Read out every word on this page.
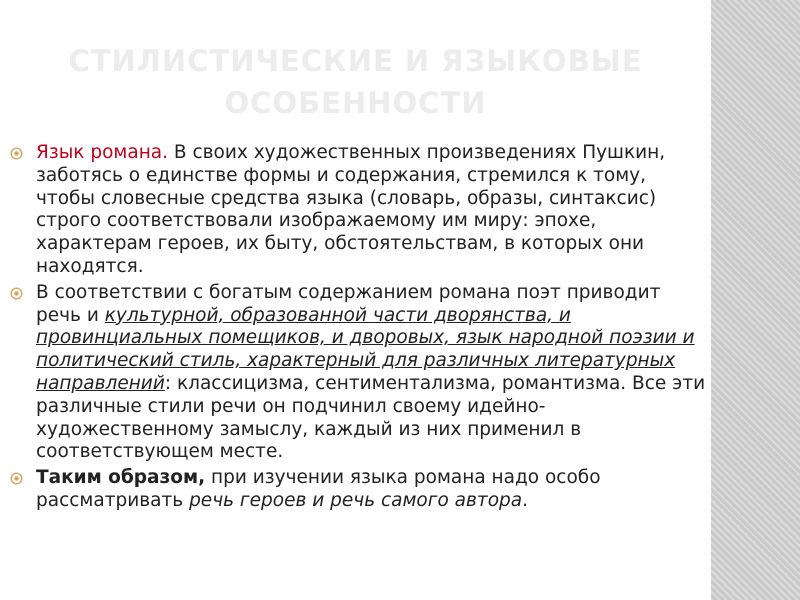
СТИЛИСТИЧЕСКИЕ И ЯЗЫКОВЫЕ
ОСОБЕННОСТИ
Язык романа. В своих художественных произведениях Пушкин, заботясь о единстве формы и содержания, стремился к тому, чтобы словесные средства языка (словарь, образы, синтаксис) строго соответствовали изображаемому им миру: эпохе, характерам героев, их быту, обстоятельствам, в которых они находятся.
В соответствии с богатым содержанием романа поэт приводит речь и культурной, образованной части дворянства, и провинциальных помещиков, и дворовых, язык народной поэзии и политический стиль, характерный для различных литературных направлений: классицизма, сентиментализма, романтизма. Все эти различные стили речи он подчинил своему идейно-художественному замыслу, каждый из них применил в соответствующем месте.
Таким образом, при изучении языка романа надо особо рассматривать речь героев и речь самого автора.
